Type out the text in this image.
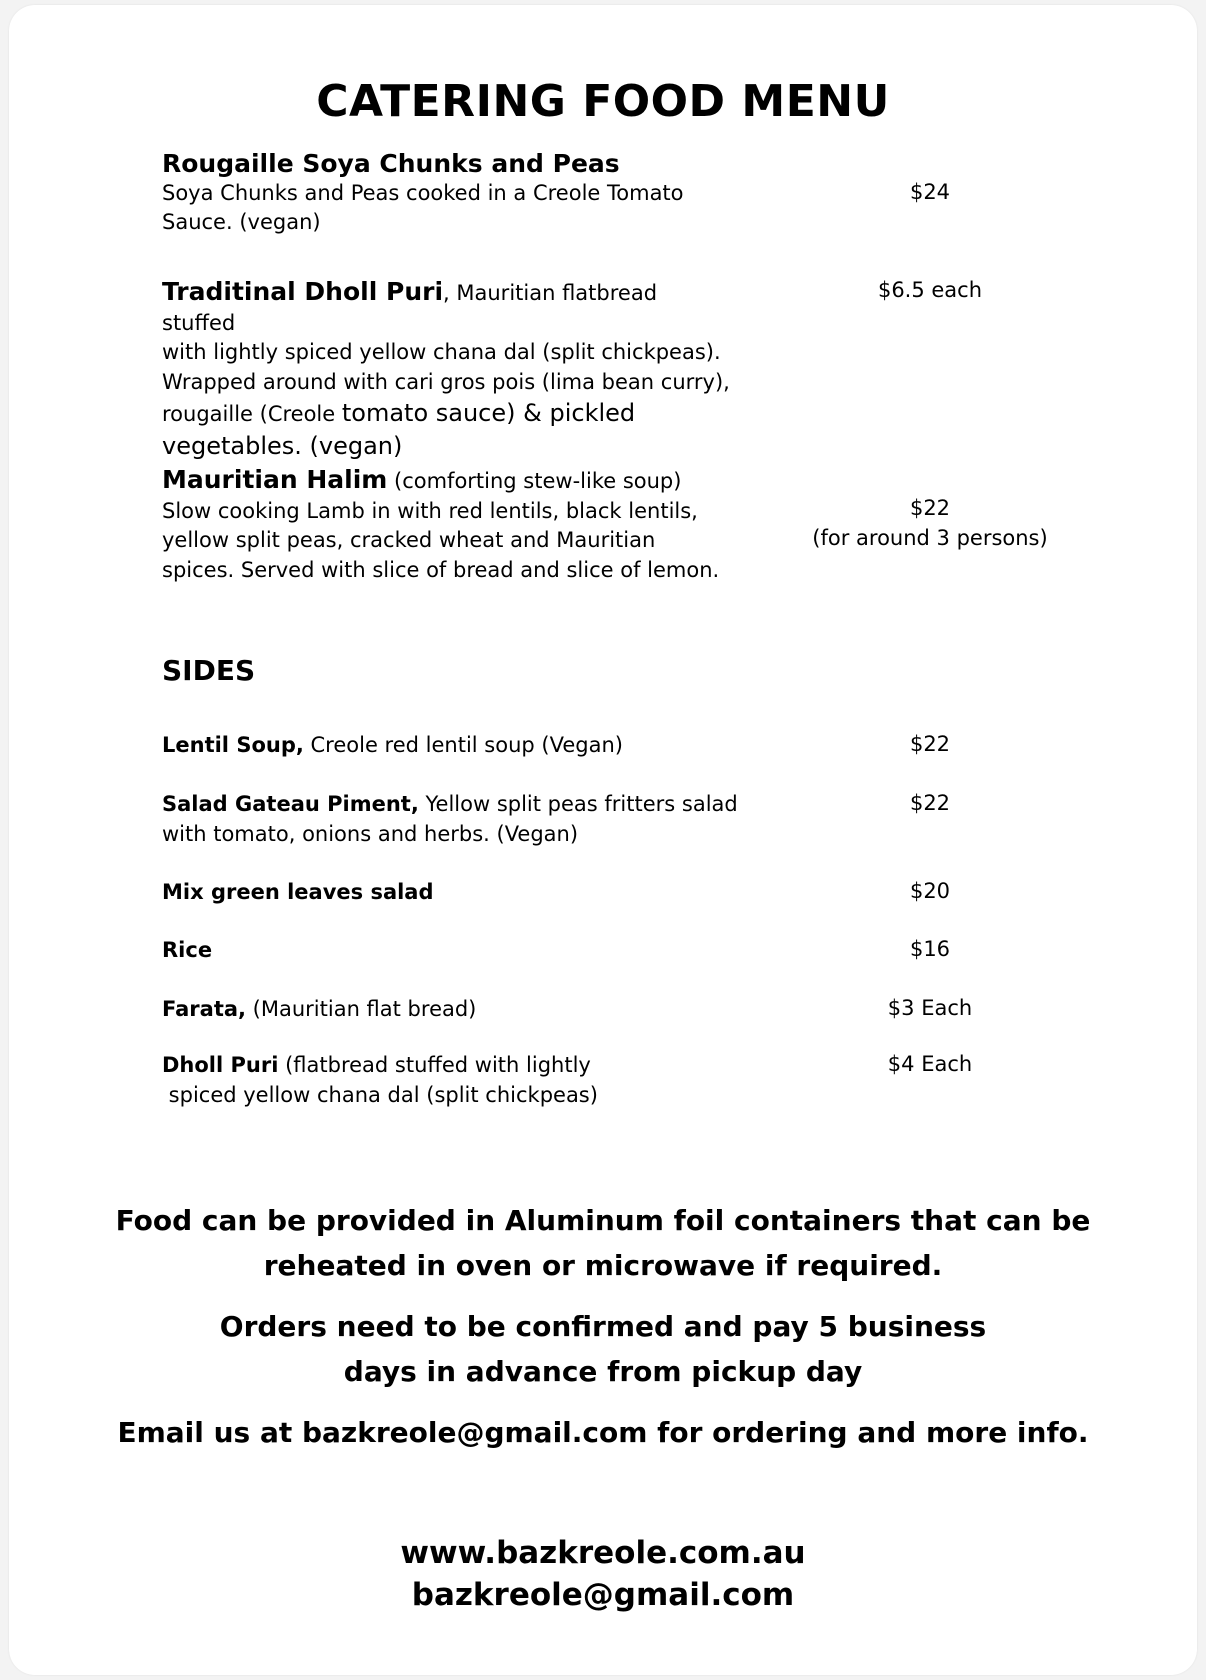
CATERING FOOD MENU
Rougaille Soya Chunks and Peas
Soya Chunks and Peas cooked in a Creole Tomato
Sauce. (vegan)
$24
Traditinal Dholl Puri, Mauritian flatbread stuffed
with lightly spiced yellow chana dal (split chickpeas).
Wrapped around with cari gros pois (lima bean curry),
rougaille (Creole tomato sauce) & pickled
vegetables. (vegan)
$6.5 each
Mauritian Halim (comforting stew-like soup)
Slow cooking Lamb in with red lentils, black lentils,
yellow split peas, cracked wheat and Mauritian
spices. Served with slice of bread and slice of lemon.
$22
(for around 3 persons)
SIDES
Lentil Soup, Creole red lentil soup (Vegan)	$22
Salad Gateau Piment, Yellow split peas fritters salad
with tomato, onions and herbs. (Vegan)
$22
Mix green leaves salad	$20
Rice	$16
Farata, (Mauritian flat bread)	$3 Each
Dholl Puri (flatbread stuffed with lightly
spiced yellow chana dal (split chickpeas)
$4 Each
Food can be provided in Aluminum foil containers that can be reheated in oven or microwave if required.
Orders need to be confirmed and pay 5 business days in advance from pickup day
Email us at bazkreole@gmail.com for ordering and more info.
www.bazkreole.com.au
bazkreole@gmail.com
